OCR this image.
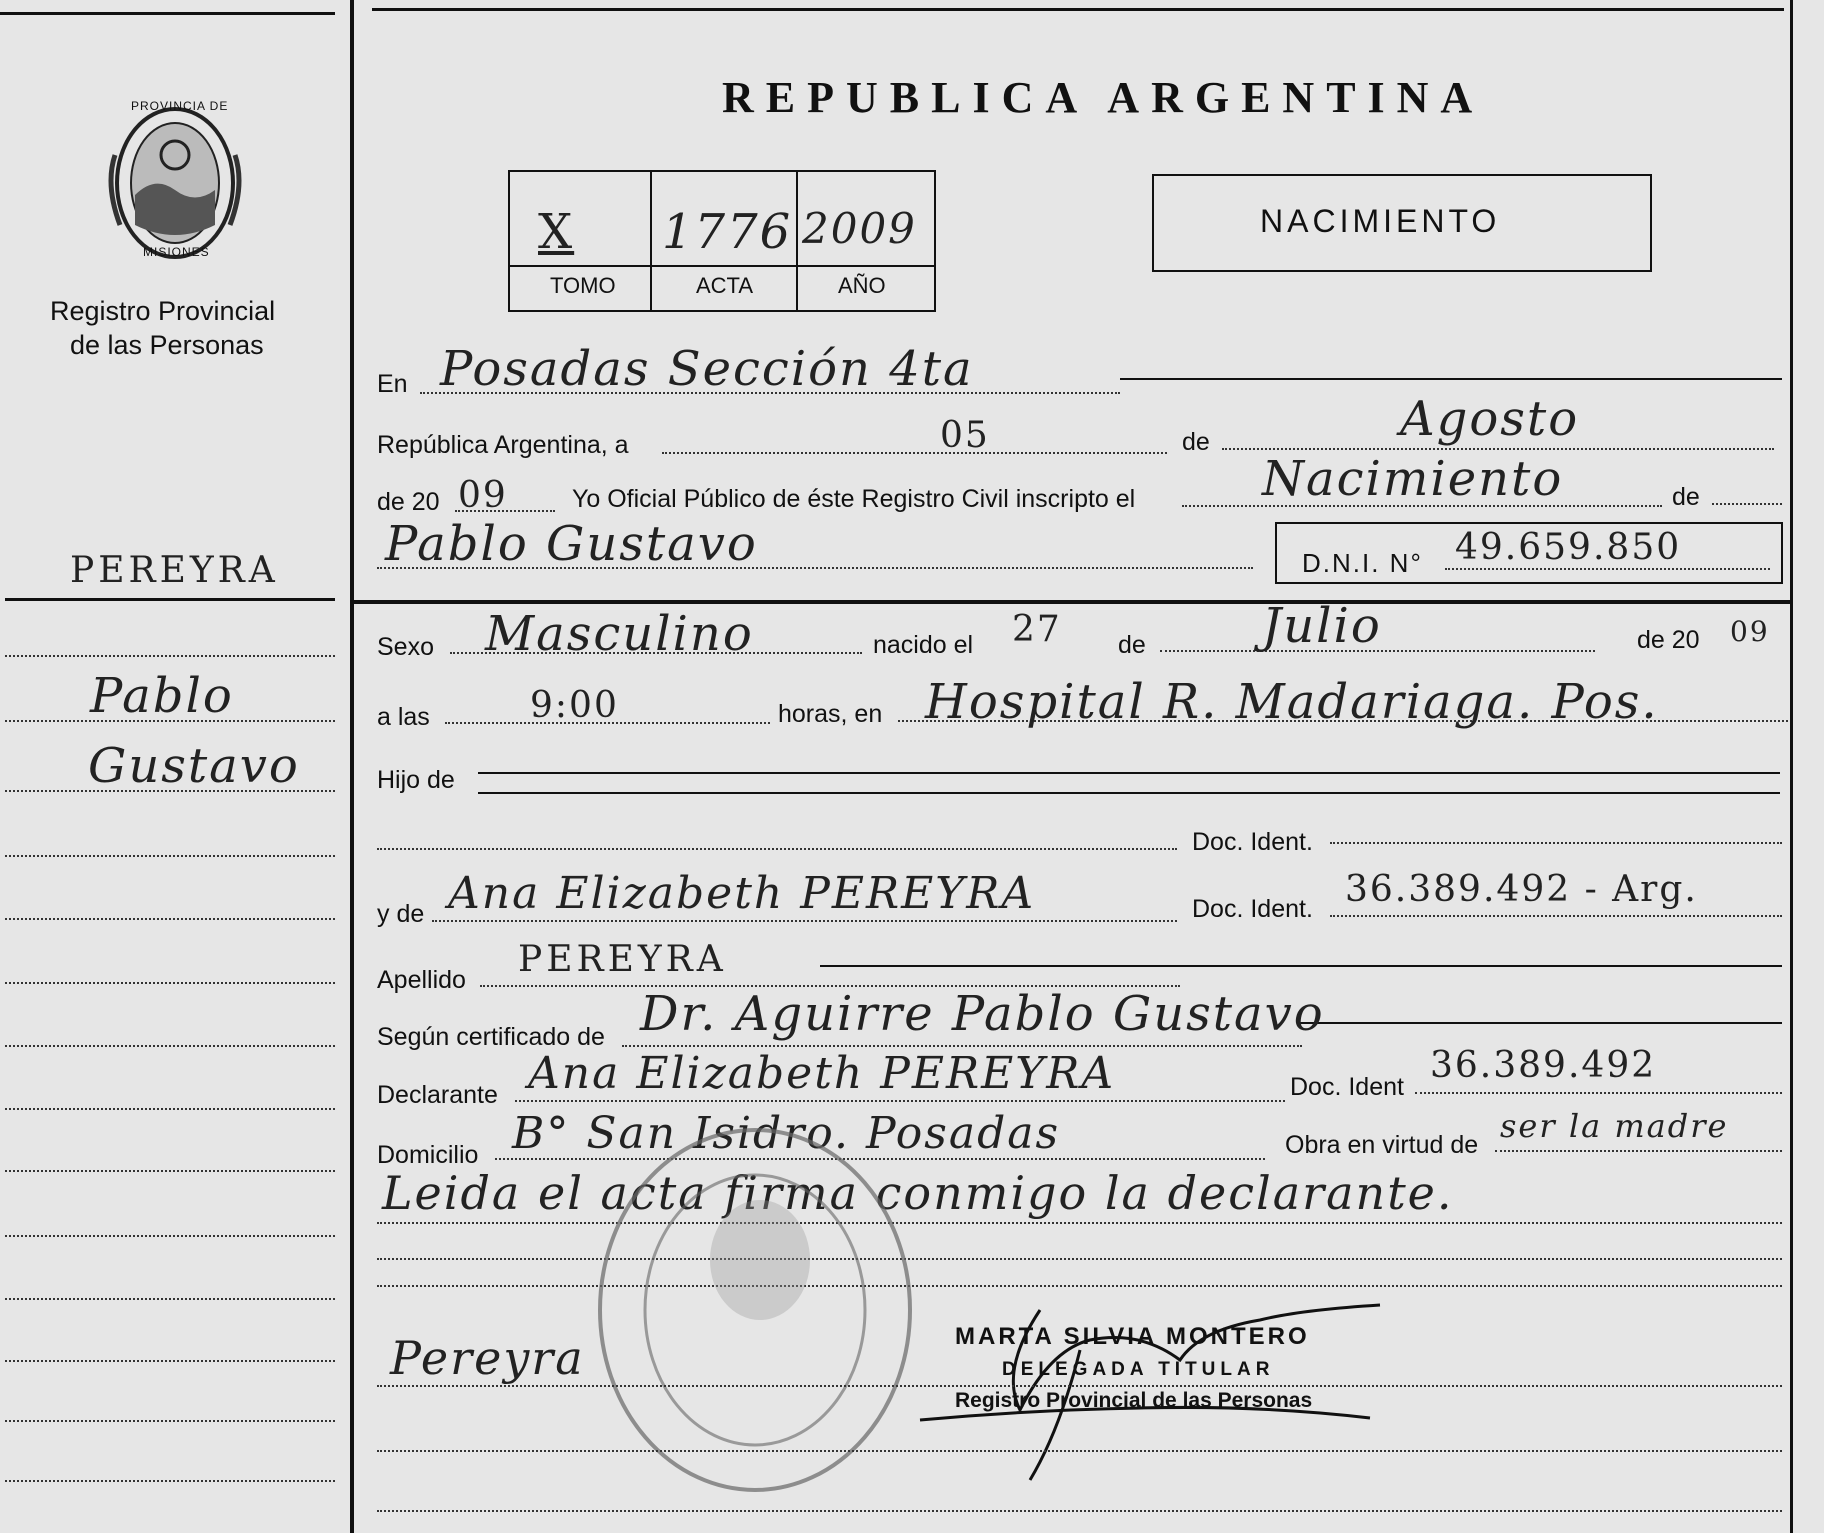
PROVINCIA DE
MISIONES
Registro Provincial
de las Personas
PEREYRA
Pablo
Gustavo
REPUBLICA ARGENTINA
X 1776 2009
TOMO	ACTA	AÑO
NACIMIENTO
En Posadas Sección 4ta
República Argentina, a	05	de	Agosto
de 20 09	Yo Oficial Público de éste Registro Civil inscripto el	Nacimiento	de
Pablo Gustavo	D.N.I. N° 49.659.850
Sexo Masculino	nacido el 27 de Julio	de 20 09
a las	9:00	horas, en Hospital R. Madariaga. Pos.
Hijo de
Doc. Ident.
y de Ana Elizabeth PEREYRA	Doc. Ident. 36.389.492 - Arg.
Apellido PEREYRA
Según certificado de Dr. Aguirre Pablo Gustavo
Declarante Ana Elizabeth PEREYRA	Doc. Ident
36.389.492
Domicilio B° San Isidro. Posadas	Obra en virtud de ser la madre
Leida el acta firma conmigo la declarante.
MARTA SILVIA MONTERO
DELEGADA TITULAR
Registro Provincial de las Personas
Pereyra
